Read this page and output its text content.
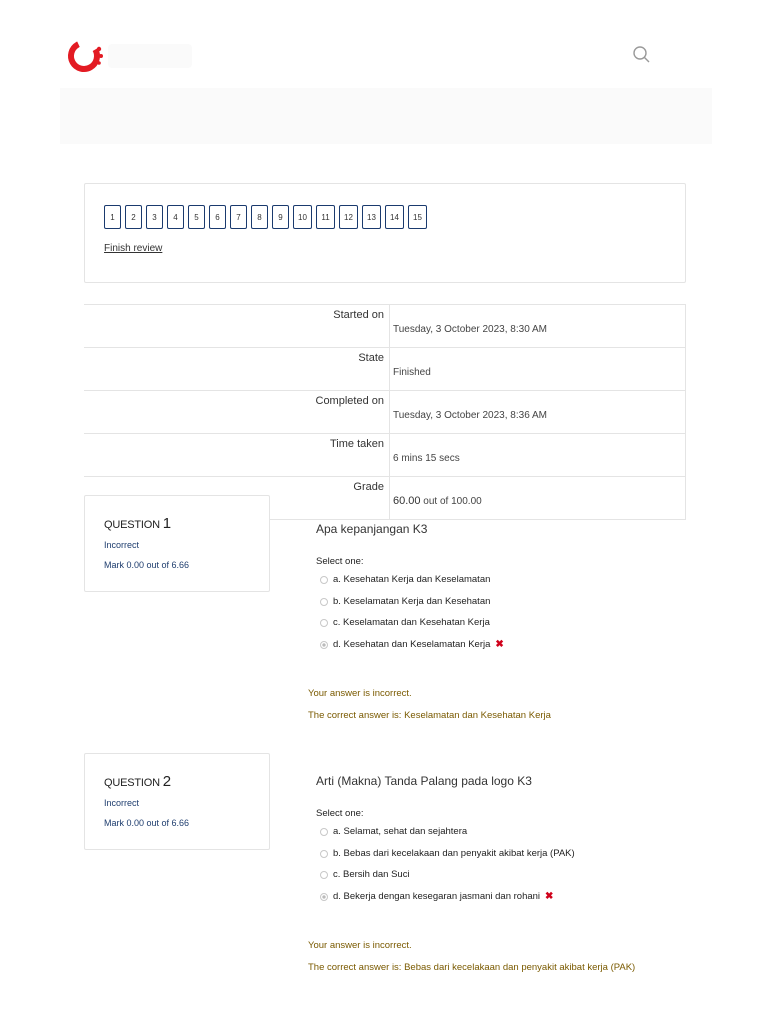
1	2	3	4	5	6	7	8	9	10	11	12	13	14	15
Finish review
Started on	Tuesday, 3 October 2023, 8:30 AM
State	Finished
Completed on	Tuesday, 3 October 2023, 8:36 AM
Time taken	6 mins 15 secs
Grade	60.00 out of 100.00
QUESTION 1
Incorrect
Mark 0.00 out of 6.66
Apa kepanjangan K3
Select one:
a. Kesehatan Kerja dan Keselamatan
b. Keselamatan Kerja dan Kesehatan
c. Keselamatan dan Kesehatan Kerja
d. Kesehatan dan Keselamatan Kerja ✖
Your answer is incorrect.
The correct answer is: Keselamatan dan Kesehatan Kerja
QUESTION 2
Incorrect
Mark 0.00 out of 6.66
Arti (Makna) Tanda Palang pada logo K3
Select one:
a. Selamat, sehat dan sejahtera
b. Bebas dari kecelakaan dan penyakit akibat kerja (PAK)
c. Bersih dan Suci
d. Bekerja dengan kesegaran jasmani dan rohani ✖
Your answer is incorrect.
The correct answer is: Bebas dari kecelakaan dan penyakit akibat kerja (PAK)
